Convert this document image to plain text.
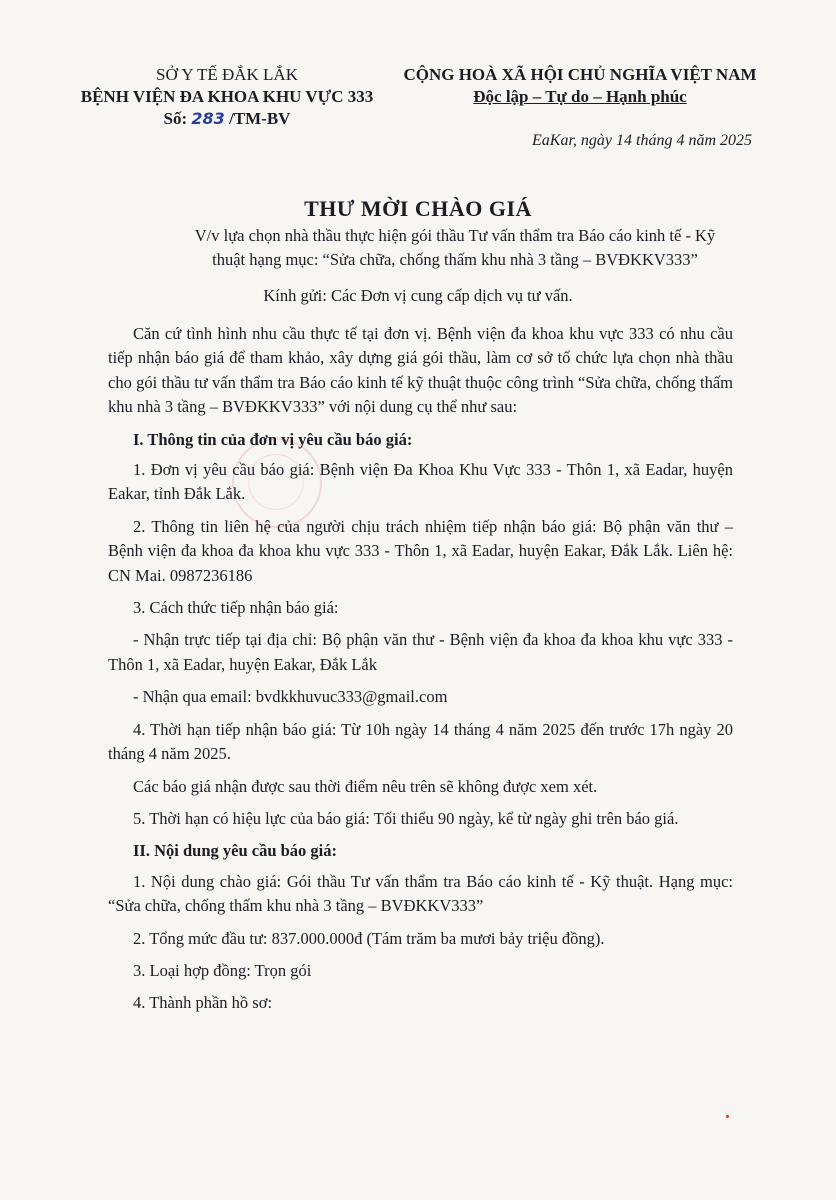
SỞ Y TẾ ĐẮK LẮK
BỆNH VIỆN ĐA KHOA KHU VỰC 333
Số: 283 /TM-BV
CỘNG HOÀ XÃ HỘI CHỦ NGHĨA VIỆT NAM
Độc lập – Tự do – Hạnh phúc
EaKar, ngày 14 tháng 4 năm 2025
THƯ MỜI CHÀO GIÁ
V/v lựa chọn nhà thầu thực hiện gói thầu Tư vấn thẩm tra Báo cáo kinh tế - Kỹ thuật hạng mục: “Sửa chữa, chống thấm khu nhà 3 tầng – BVĐKKV333”
Kính gửi: Các Đơn vị cung cấp dịch vụ tư vấn.

Căn cứ tình hình nhu cầu thực tế tại đơn vị. Bệnh viện đa khoa khu vực 333 có nhu cầu tiếp nhận báo giá để tham khảo, xây dựng giá gói thầu, làm cơ sở tổ chức lựa chọn nhà thầu cho gói thầu tư vấn thẩm tra Báo cáo kinh tế kỹ thuật thuộc công trình “Sửa chữa, chống thấm khu nhà 3 tầng – BVĐKKV333” với nội dung cụ thể như sau:

I. Thông tin của đơn vị yêu cầu báo giá:

1. Đơn vị yêu cầu báo giá: Bệnh viện Đa Khoa Khu Vực 333 - Thôn 1, xã Eadar, huyện Eakar, tỉnh Đắk Lắk.

2. Thông tin liên hệ của người chịu trách nhiệm tiếp nhận báo giá: Bộ phận văn thư – Bệnh viện đa khoa đa khoa khu vực 333 - Thôn 1, xã Eadar, huyện Eakar, Đắk Lắk. Liên hệ: CN Mai. 0987236186

3. Cách thức tiếp nhận báo giá:

- Nhận trực tiếp tại địa chỉ: Bộ phận văn thư - Bệnh viện đa khoa đa khoa khu vực 333 - Thôn 1, xã Eadar, huyện Eakar, Đắk Lắk

- Nhận qua email: bvdkkhuvuc333@gmail.com

4. Thời hạn tiếp nhận báo giá: Từ 10h ngày 14 tháng 4 năm 2025 đến trước 17h ngày 20 tháng 4 năm 2025.

Các báo giá nhận được sau thời điểm nêu trên sẽ không được xem xét.

5. Thời hạn có hiệu lực của báo giá: Tối thiểu 90 ngày, kể từ ngày ghi trên báo giá.

II. Nội dung yêu cầu báo giá:

1. Nội dung chào giá: Gói thầu Tư vấn thẩm tra Báo cáo kinh tế - Kỹ thuật. Hạng mục: “Sửa chữa, chống thấm khu nhà 3 tầng – BVĐKKV333”

2. Tổng mức đầu tư: 837.000.000đ (Tám trăm ba mươi bảy triệu đồng).

3. Loại hợp đồng: Trọn gói

4. Thành phần hồ sơ:
